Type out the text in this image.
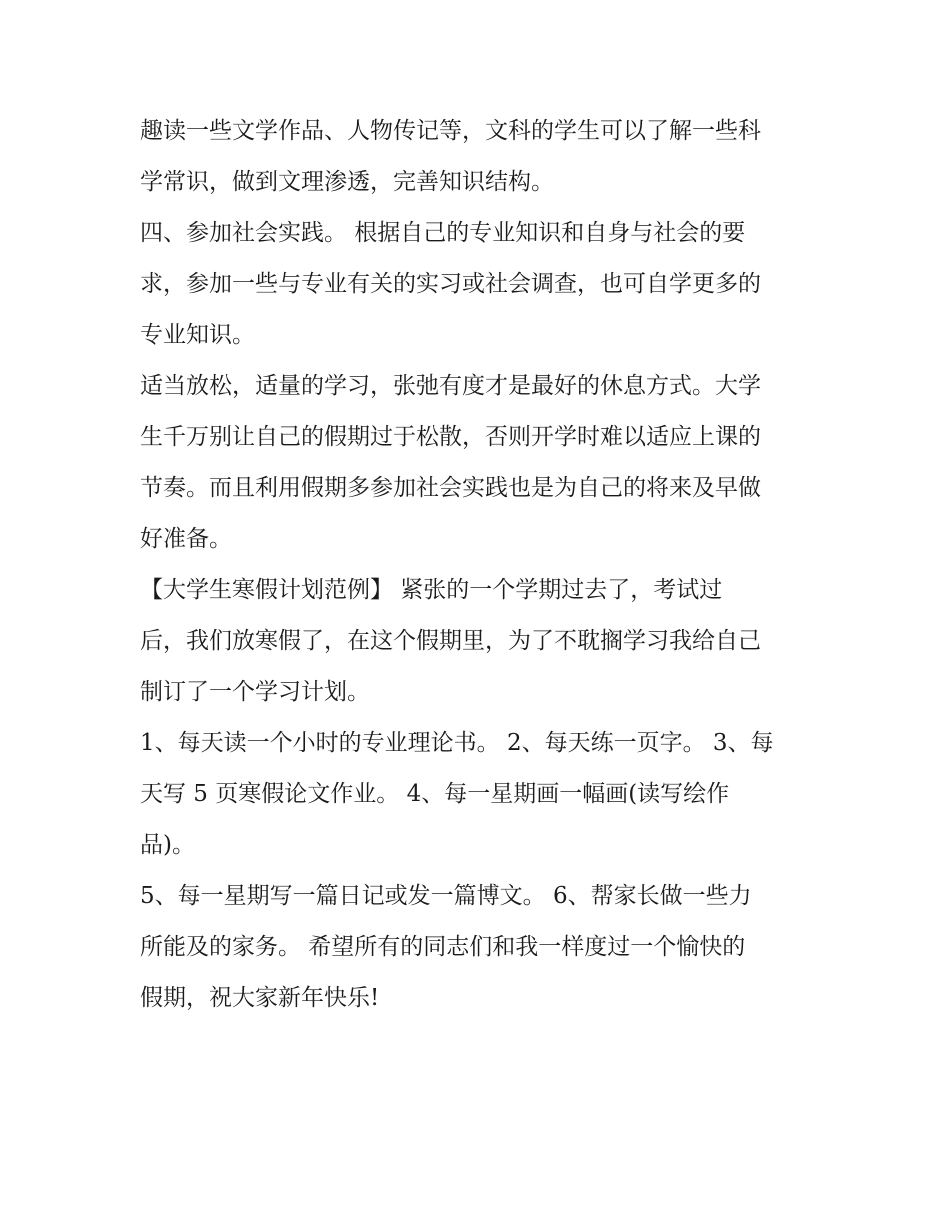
趣读一些文学作品、人物传记等，文科的学生可以了解一些科
学常识，做到文理渗透，完善知识结构。

四、参加社会实践。 根据自己的专业知识和自身与社会的要
求，参加一些与专业有关的实习或社会调查，也可自学更多的
专业知识。

适当放松，适量的学习，张弛有度才是最好的休息方式。大学
生千万别让自己的假期过于松散，否则开学时难以适应上课的
节奏。而且利用假期多参加社会实践也是为自己的将来及早做
好准备。

【大学生寒假计划范例】 紧张的一个学期过去了，考试过
后，我们放寒假了，在这个假期里，为了不耽搁学习我给自己
制订了一个学习计划。

1、每天读一个小时的专业理论书。 2、每天练一页字。 3、每
天写 5 页寒假论文作业。 4、每一星期画一幅画(读写绘作
品)。

5、每一星期写一篇日记或发一篇博文。 6、帮家长做一些力
所能及的家务。 希望所有的同志们和我一样度过一个愉快的
假期，祝大家新年快乐!
